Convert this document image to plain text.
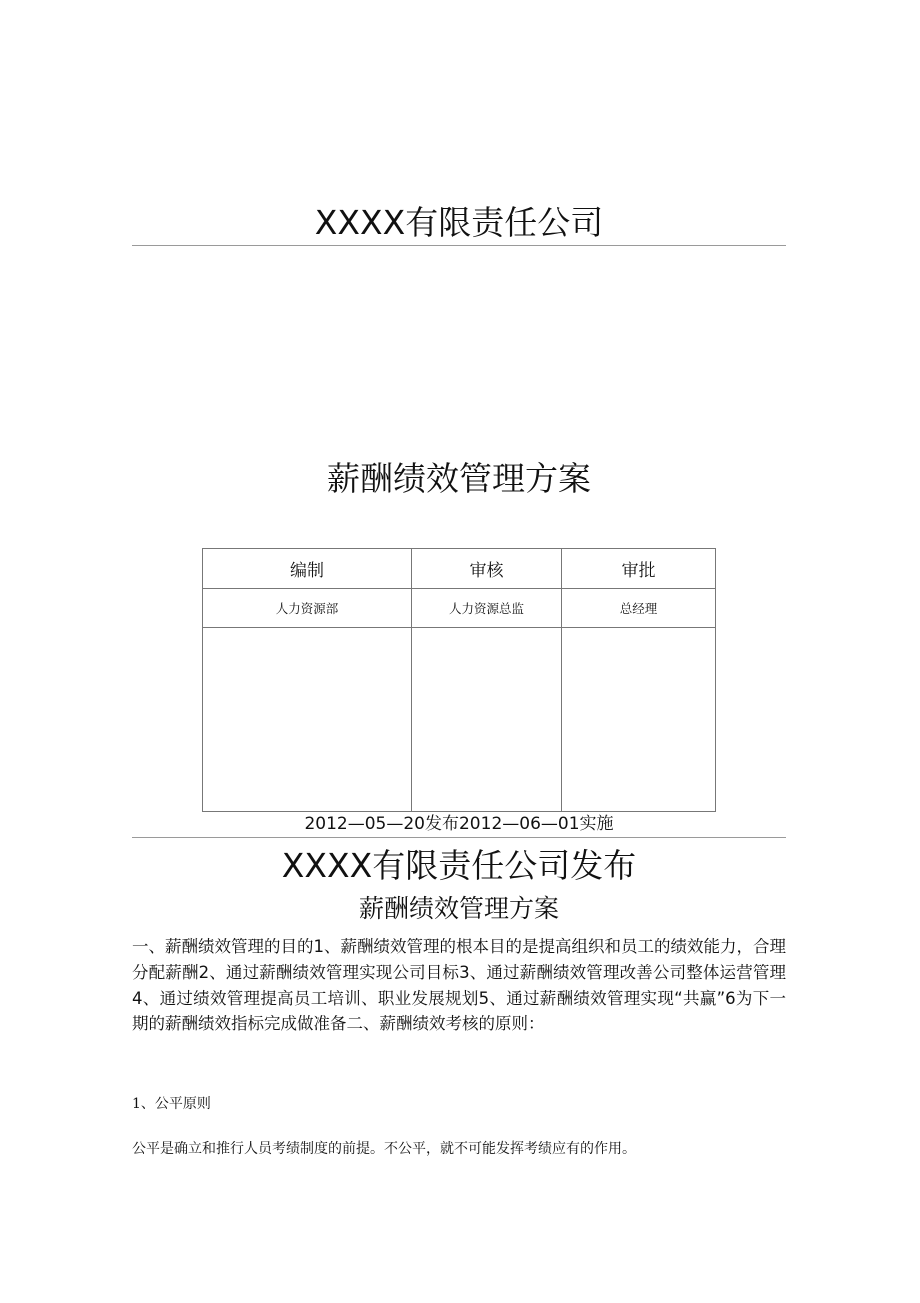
XXXX有限责任公司
薪酬绩效管理方案
编制	审核	审批
人力资源部	人力资源总监	总经理

2012—05—20发布2012—06—01实施
XXXX有限责任公司发布
薪酬绩效管理方案
一、薪酬绩效管理的目的1、薪酬绩效管理的根本目的是提高组织和员工的绩效能力，合理分配薪酬2、通过薪酬绩效管理实现公司目标3、通过薪酬绩效管理改善公司整体运营管理4、通过绩效管理提高员工培训、职业发展规划5、通过薪酬绩效管理实现“共赢”6为下一期的薪酬绩效指标完成做准备二、薪酬绩效考核的原则：
1、公平原则
公平是确立和推行人员考绩制度的前提。不公平，就不可能发挥考绩应有的作用。
